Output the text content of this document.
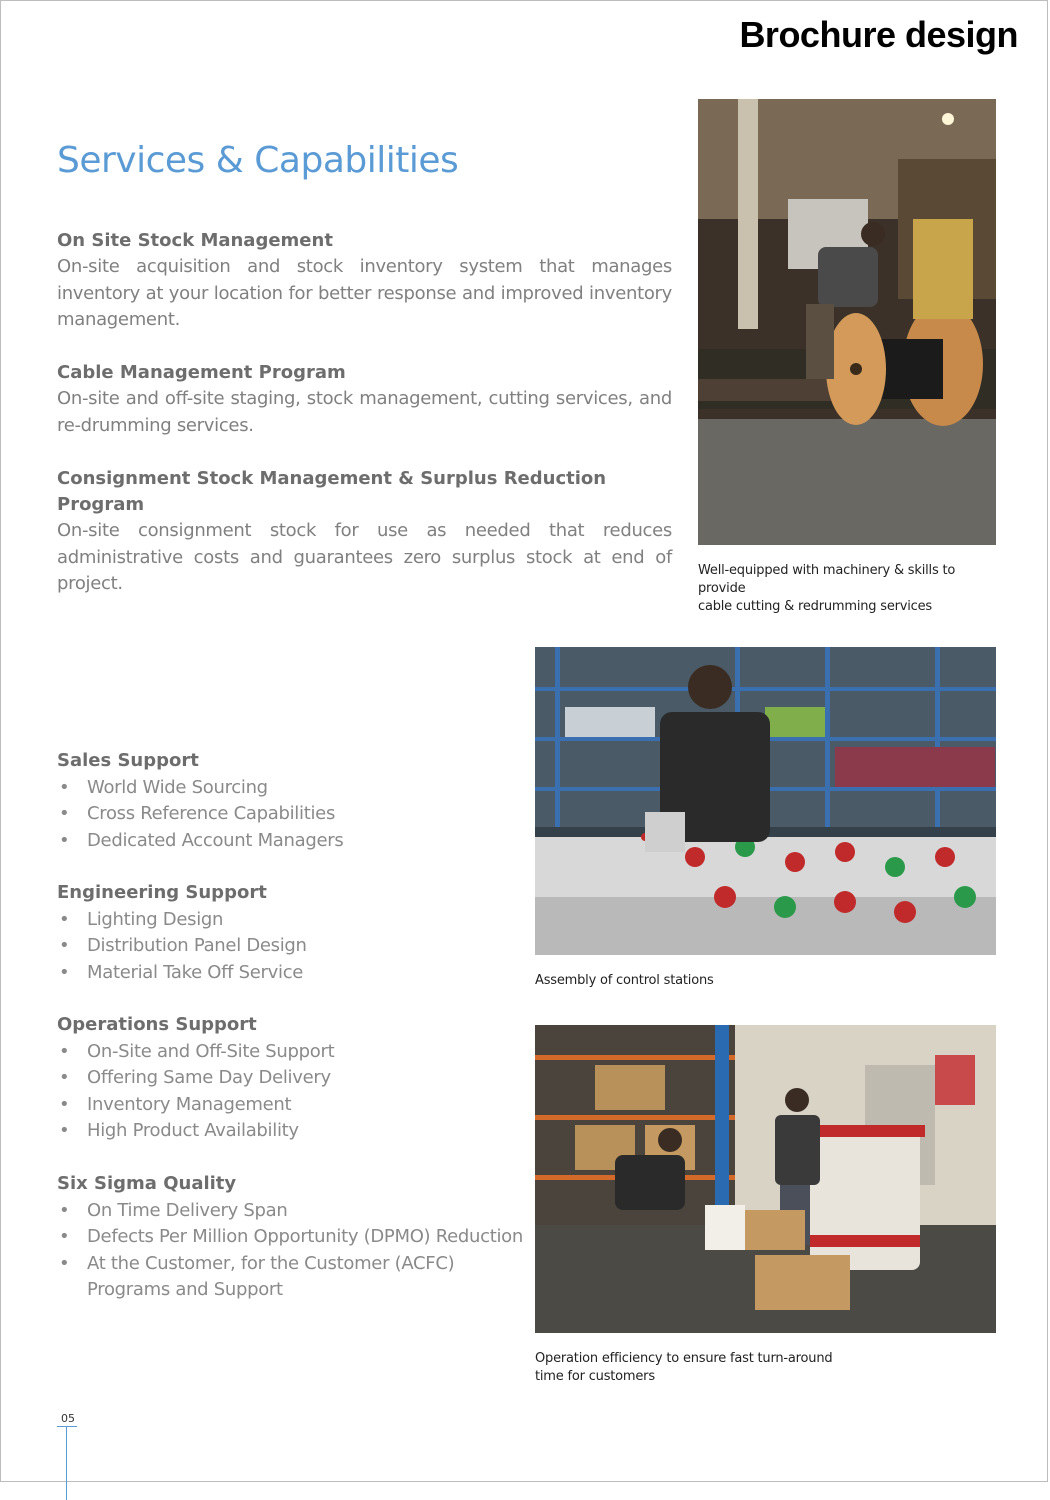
Brochure design
Services & Capabilities
On Site Stock Management

On-site acquisition and stock inventory system that manages inventory at your location for better response and improved inventory management.

Cable Management Program

On-site and off-site staging, stock management, cutting services, and re-drumming services.

Consignment Stock Management & Surplus Reduction Program

On-site consignment stock for use as needed that reduces administrative costs and guarantees zero surplus stock at end of project.

Well-equipped with machinery & skills to provide
cable cutting & redrumming services
Assembly of control stations
Operation efficiency to ensure fast turn-around
time for customers
Sales Support
• World Wide Sourcing
• Cross Reference Capabilities
• Dedicated Account Managers
Engineering Support
• Lighting Design
• Distribution Panel Design
• Material Take Off Service
Operations Support
• On-Site and Off-Site Support
• Offering Same Day Delivery
• Inventory Management
• High Product Availability
Six Sigma Quality
• On Time Delivery Span
• Defects Per Million Opportunity (DPMO) Reduction
• At the Customer, for the Customer (ACFC) Programs and Support
05
